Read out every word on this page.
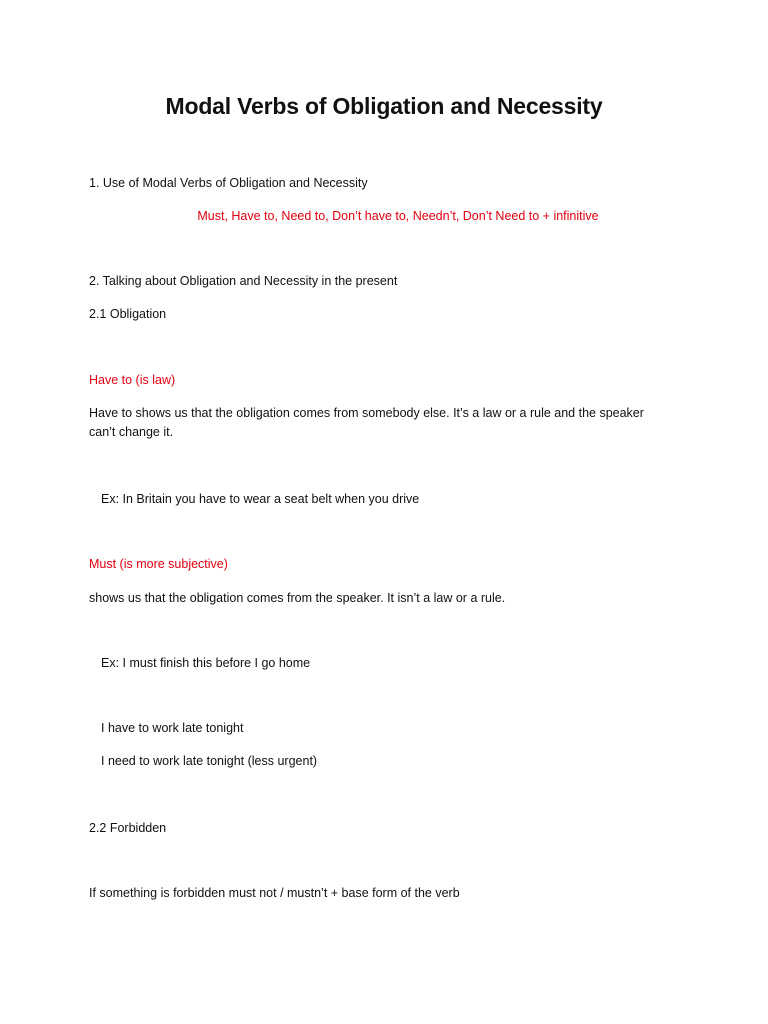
Modal Verbs of Obligation and Necessity
1. Use of Modal Verbs of Obligation and Necessity
Must, Have to, Need to, Don’t have to, Needn’t, Don’t Need to + infinitive
2. Talking about Obligation and Necessity in the present
2.1 Obligation
Have to (is law)
Have to shows us that the obligation comes from somebody else. It’s a law or a rule and the speaker can’t change it.
Ex: In Britain you have to wear a seat belt when you drive
Must (is more subjective)
shows us that the obligation comes from the speaker. It isn’t a law or a rule.
Ex: I must finish this before I go home
I have to work late tonight
I need to work late tonight (less urgent)
2.2 Forbidden
If something is forbidden must not / mustn’t + base form of the verb
